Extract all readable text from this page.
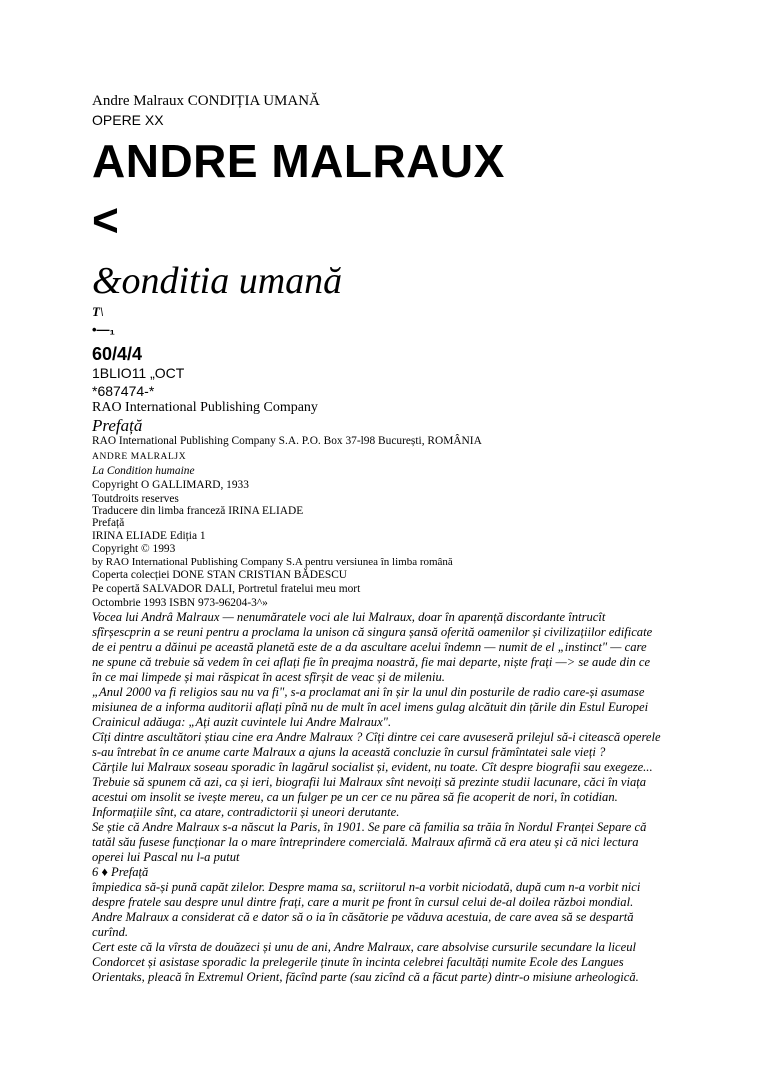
Andre Malraux CONDIȚIA UMANĂ
OPERE XX
ANDRE MALRAUX
<
&onditia umană
T\
•—₁
60/4/4
1BLIO11 „OCT
*687474-*
RAO International Publishing Company
Prefață
RAO International Publishing Company S.A. P.O. Box 37-l98 București, ROMÂNIA
ANDRE MALRALJX
La Condition humaine
Copyright O GALLIMARD, 1933
Toutdroits reserves
Traducere din limba franceză IRINA ELIADE
Prefață
IRINA ELIADE Ediția 1
Copyright © 1993
by RAO International Publishing Company S.A pentru versiunea în limba română
Coperta colecției DONE STAN CRISTIAN BĂDESCU
Pe copertă SALVADOR DALI, Portretul fratelui meu mort
Octombrie 1993 ISBN 973-96204-3^»
Vocea lui Andrâ Malraux — nenumăratele voci ale lui Malraux, doar în aparență discordante întrucît
sfîrșescprin a se reuni pentru a proclama la unison că singura șansă oferită oamenilor și civilizațiilor edificate
de ei pentru a dăinui pe această planetă este de a da ascultare acelui îndemn — numit de el „instinct" — care
ne spune că trebuie să vedem în cei aflați fie în preajma noastră, fie mai departe, niște frați —> se aude din ce
în ce mai limpede și mai răspicat în acest sfîrșit de veac și de mileniu.
„Anul 2000 va fi religios sau nu va fi", s-a proclamat ani în șir la unul din posturile de radio care-și asumase
misiunea de a informa auditorii aflați pînă nu de mult în acel imens gulag alcătuit din țările din Estul Europei
Crainicul adăuga: „Ați auzit cuvintele lui Andre Malraux".
Cîți dintre ascultători știau cine era Andre Malraux ? Cîți dintre cei care avuseseră prilejul să-i citească operele
s-au întrebat în ce anume carte Malraux a ajuns la această concluzie în cursul frămîntatei sale vieți ?
Cărțile lui Malraux soseau sporadic în lagărul socialist și, evident, nu toate. Cît despre biografii sau exegeze...
Trebuie să spunem că azi, ca și ieri, biografii lui Malraux sînt nevoiți să prezinte studii lacunare, căci în viața
acestui om insolit se ivește mereu, ca un fulger pe un cer ce nu părea să fie acoperit de nori, în cotidian.
Informațiile sînt, ca atare, contradictorii și uneori derutante.
Se știe că Andre Malraux s-a născut la Paris, în 1901. Se pare că familia sa trăia în Nordul Franței Separe că
tatăl său fusese funcționar la o mare întreprindere comercială. Malraux afirmă că era ateu și că nici lectura
operei lui Pascal nu l-a putut
6 ♦ Prefață
împiedica să-și pună capăt zilelor. Despre mama sa, scriitorul n-a vorbit niciodată, după cum n-a vorbit nici
despre fratele sau despre unul dintre frați, care a murit pe front în cursul celui de-al doilea război mondial.
Andre Malraux a considerat că e dator să o ia în căsătorie pe văduva acestuia, de care avea să se despartă
curînd.
Cert este că la vîrsta de douăzeci și unu de ani, Andre Malraux, care absolvise cursurile secundare la liceul
Condorcet și asistase sporadic la prelegerile ținute în incinta celebrei facultăți numite Ecole des Langues
Orientaks, pleacă în Extremul Orient, făcînd parte (sau zicînd că a făcut parte) dintr-o misiune arheologică.
